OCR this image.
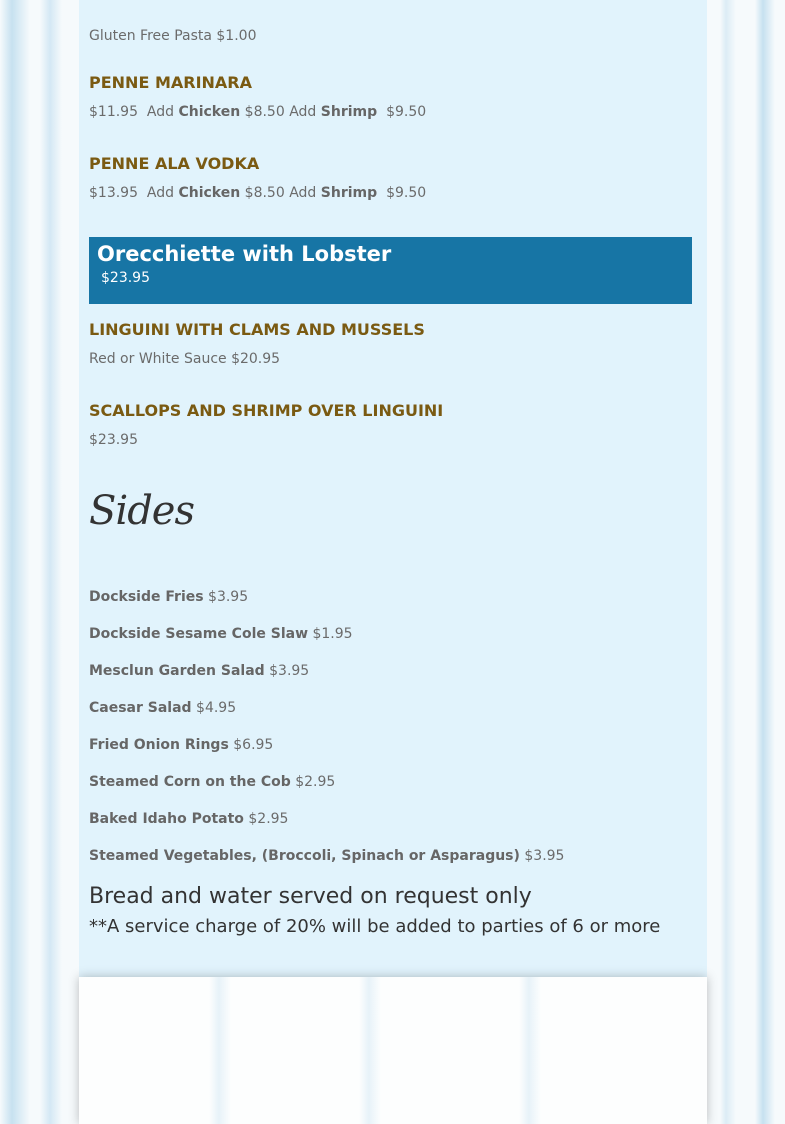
Gluten Free Pasta $1.00
PENNE MARINARA
$11.95 Add Chicken $8.50 Add Shrimp $9.50
PENNE ALA VODKA
$13.95 Add Chicken $8.50 Add Shrimp $9.50
Orecchiette with Lobster
$23.95
LINGUINI WITH CLAMS AND MUSSELS
Red or White Sauce $20.95
SCALLOPS AND SHRIMP OVER LINGUINI
$23.95
Sides
Dockside Fries $3.95
Dockside Sesame Cole Slaw $1.95
Mesclun Garden Salad $3.95
Caesar Salad $4.95
Fried Onion Rings $6.95
Steamed Corn on the Cob $2.95
Baked Idaho Potato $2.95
Steamed Vegetables, (Broccoli, Spinach or Asparagus) $3.95
Bread and water served on request only
**A service charge of 20% will be added to parties of 6 or more
